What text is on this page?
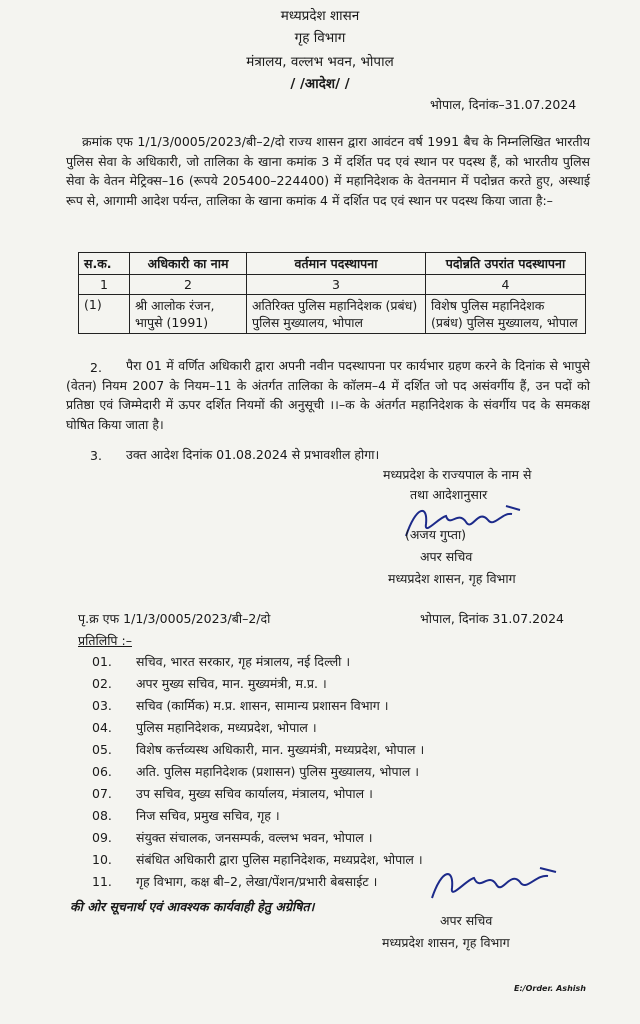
मध्यप्रदेश शासन
गृह विभाग
मंत्रालय, वल्लभ भवन, भोपाल
/ /आदेश/ /
भोपाल, दिनांक–31.07.2024
क्रमांक एफ 1/1/3/0005/2023/बी–2/दो राज्य शासन द्वारा आवंटन वर्ष 1991 बैच के निम्नलिखित भारतीय पुलिस सेवा के अधिकारी, जो तालिका के खाना कमांक 3 में दर्शित पद एवं स्थान पर पदस्थ हैं, को भारतीय पुलिस सेवा के वेतन मेट्रिक्स–16 (रूपये 205400–224400) में महानिदेशक के वेतनमान में पदोन्नत करते हुए, अस्थाई रूप से, आगामी आदेश पर्यन्त, तालिका के खाना कमांक 4 में दर्शित पद एवं स्थान पर पदस्थ किया जाता है:–
स.क.	अधिकारी का नाम	वर्तमान पदस्थापना	पदोन्नति उपरांत पदस्थापना
1	2	3	4
(1)	श्री आलोक रंजन, भापुसे (1991)	अतिरिक्त पुलिस महानिदेशक (प्रबंध) पुलिस मुख्यालय, भोपाल	विशेष पुलिस महानिदेशक (प्रबंध) पुलिस मुख्यालय, भोपाल
2.	पैरा 01 में वर्णित अधिकारी द्वारा अपनी नवीन पदस्थापना पर कार्यभार ग्रहण करने के दिनांक से भापुसे (वेतन) नियम 2007 के नियम–11 के अंतर्गत तालिका के कॉलम–4 में दर्शित जो पद असंवर्गीय हैं, उन पदों को प्रतिष्ठा एवं जिम्मेदारी में ऊपर दर्शित नियमों की अनुसूची ।।–क के अंतर्गत महानिदेशक के संवर्गीय पद के समकक्ष घोषित किया जाता है।
3. उक्त आदेश दिनांक 01.08.2024 से प्रभावशील होगा।
मध्यप्रदेश के राज्यपाल के नाम से
तथा आदेशानुसार
(अजय गुप्ता)
अपर सचिव
मध्यप्रदेश शासन, गृह विभाग
पृ.क्र एफ 1/1/3/0005/2023/बी–2/दो	भोपाल, दिनांक 31.07.2024
प्रतिलिपि :–
01. सचिव, भारत सरकार, गृह मंत्रालय, नई दिल्ली ।
02. अपर मुख्य सचिव, मान. मुख्यमंत्री, म.प्र. ।
03. सचिव (कार्मिक) म.प्र. शासन, सामान्य प्रशासन विभाग ।
04. पुलिस महानिदेशक, मध्यप्रदेश, भोपाल ।
05. विशेष कर्त्तव्यस्थ अधिकारी, मान. मुख्यमंत्री, मध्यप्रदेश, भोपाल ।
06. अति. पुलिस महानिदेशक (प्रशासन) पुलिस मुख्यालय, भोपाल ।
07. उप सचिव, मुख्य सचिव कार्यालय, मंत्रालय, भोपाल ।
08. निज सचिव, प्रमुख सचिव, गृह ।
09. संयुक्त संचालक, जनसम्पर्क, वल्लभ भवन, भोपाल ।
10. संबंधित अधिकारी द्वारा पुलिस महानिदेशक, मध्यप्रदेश, भोपाल ।
11. गृह विभाग, कक्ष बी–2, लेखा/पेंशन/प्रभारी बेबसाईट ।
की ओर सूचनार्थ एवं आवश्यक कार्यवाही हेतु अग्रेषित।
अपर सचिव
मध्यप्रदेश शासन, गृह विभाग
E:/Order. Ashish
